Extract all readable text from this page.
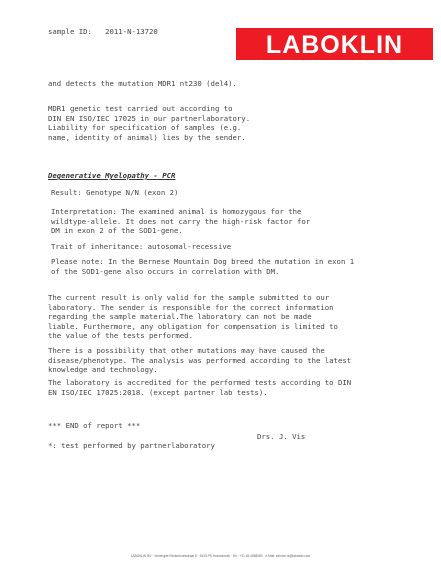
sample ID:   2011-N-13720	LABOKLIN
and detects the mutation MDR1 nt230 (del4).
MDR1 genetic test carried out according to
DIN EN ISO/IEC 17025 in our partnerlaboratory.
Liability for specification of samples (e.g.
name, identity of animal) lies by the sender.
Degenerative Myelopathy - PCR
Result: Genotype N/N (exon 2)
Interpretation: The examined animal is homozygous for the
wildtype-allele. It does not carry the high-risk factor for
DM in exon 2 of the SOD1-gene.
Trait of inheritance: autosomal-recessive
Please note: In the Bernese Mountain Dog breed the mutation in exon 1
of the SOD1-gene also occurs in correlation with DM.
The current result is only valid for the sample submitted to our
laboratory. The sender is responsible for the correct information
regarding the sample material.The laboratory can not be made
liable. Furthermore, any obligation for compensation is limited to
the value of the tests performed.
There is a possibility that other mutations may have caused the
disease/phenotype. The analysis was performed according to the latest
knowledge and technology.
The laboratory is accredited for the performed tests according to DIN
EN ISO/IEC 17025:2018. (except partner lab tests).
*** END of report ***
Drs. J. Vis
*: test performed by partnerlaboratory
LABOKLIN BV · Verlengde Klinkerhoekstraat 8 · 6433 PS Hoensbroek · Tel.: +31 45 4868080 · e-Mail: service.nl@laboklin.com
